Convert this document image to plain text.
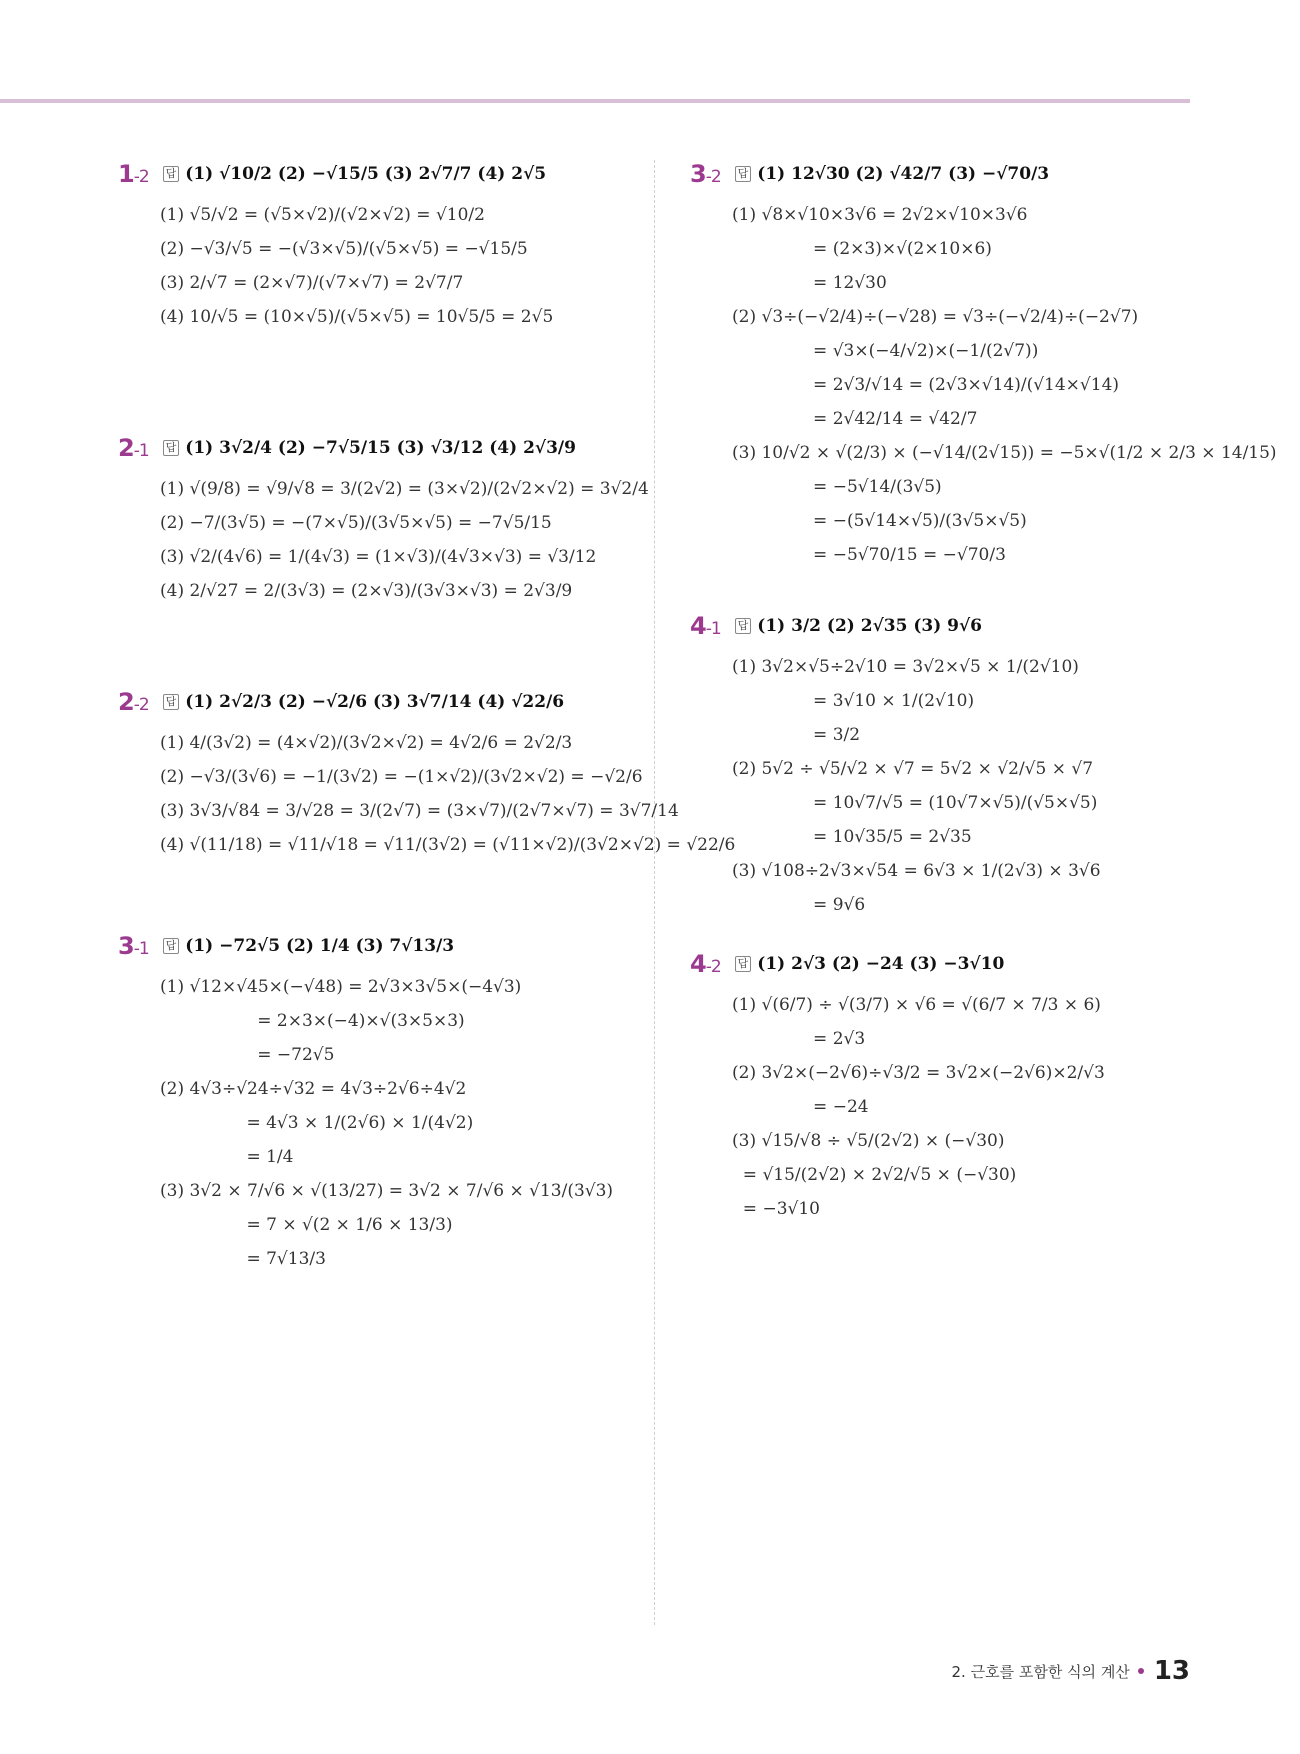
1-2 답 (1) √10/2 (2) −√15/5 (3) 2√7/7 (4) 2√5
(1) √5/√2 = (√5×√2)/(√2×√2) = √10/2
(2) −√3/√5 = −(√3×√5)/(√5×√5) = −√15/5
(3) 2/√7 = (2×√7)/(√7×√7) = 2√7/7
(4) 10/√5 = (10×√5)/(√5×√5) = 10√5/5 = 2√5
2-1 답 (1) 3√2/4 (2) −7√5/15 (3) √3/12 (4) 2√3/9
(1) √(9/8) = √9/√8 = 3/(2√2) = (3×√2)/(2√2×√2) = 3√2/4
(2) −7/(3√5) = −(7×√5)/(3√5×√5) = −7√5/15
(3) √2/(4√6) = 1/(4√3) = (1×√3)/(4√3×√3) = √3/12
(4) 2/√27 = 2/(3√3) = (2×√3)/(3√3×√3) = 2√3/9
2-2 답 (1) 2√2/3 (2) −√2/6 (3) 3√7/14 (4) √22/6
(1) 4/(3√2) = (4×√2)/(3√2×√2) = 4√2/6 = 2√2/3
(2) −√3/(3√6) = −1/(3√2) = −(1×√2)/(3√2×√2) = −√2/6
(3) 3√3/√84 = 3/√28 = 3/(2√7) = (3×√7)/(2√7×√7) = 3√7/14
(4) √(11/18) = √11/√18 = √11/(3√2) = (√11×√2)/(3√2×√2) = √22/6
3-1 답 (1) −72√5 (2) 1/4 (3) 7√13/3
(1) √12×√45×(−√48) = 2√3×3√5×(−4√3)
= 2×3×(−4)×√(3×5×3)
= −72√5
(2) 4√3÷√24÷√32 = 4√3÷2√6÷4√2
= 4√3 × 1/(2√6) × 1/(4√2)
= 1/4
(3) 3√2 × 7/√6 × √(13/27) = 3√2 × 7/√6 × √13/(3√3)
= 7 × √(2 × 1/6 × 13/3)
= 7√13/3
3-2 답 (1) 12√30 (2) √42/7 (3) −√70/3
(1) √8×√10×3√6 = 2√2×√10×3√6
= (2×3)×√(2×10×6)
= 12√30
(2) √3÷(−√2/4)÷(−√28) = √3÷(−√2/4)÷(−2√7)
= √3×(−4/√2)×(−1/(2√7))
= 2√3/√14 = (2√3×√14)/(√14×√14)
= 2√42/14 = √42/7
(3) 10/√2 × √(2/3) × (−√14/(2√15)) = −5×√(1/2 × 2/3 × 14/15)
= −5√14/(3√5)
= −(5√14×√5)/(3√5×√5)
= −5√70/15 = −√70/3
4-1 답 (1) 3/2 (2) 2√35 (3) 9√6
(1) 3√2×√5÷2√10 = 3√2×√5 × 1/(2√10)
= 3√10 × 1/(2√10)
= 3/2
(2) 5√2 ÷ √5/√2 × √7 = 5√2 × √2/√5 × √7
= 10√7/√5 = (10√7×√5)/(√5×√5)
= 10√35/5 = 2√35
(3) √108÷2√3×√54 = 6√3 × 1/(2√3) × 3√6
= 9√6
4-2 답 (1) 2√3 (2) −24 (3) −3√10
(1) √(6/7) ÷ √(3/7) × √6 = √(6/7 × 7/3 × 6)
= 2√3
(2) 3√2×(−2√6)÷√3/2 = 3√2×(−2√6)×2/√3
= −24
(3) √15/√8 ÷ √5/(2√2) × (−√30)
= √15/(2√2) × 2√2/√5 × (−√30)
= −3√10
2. 근호를 포함한 식의 계산 13
